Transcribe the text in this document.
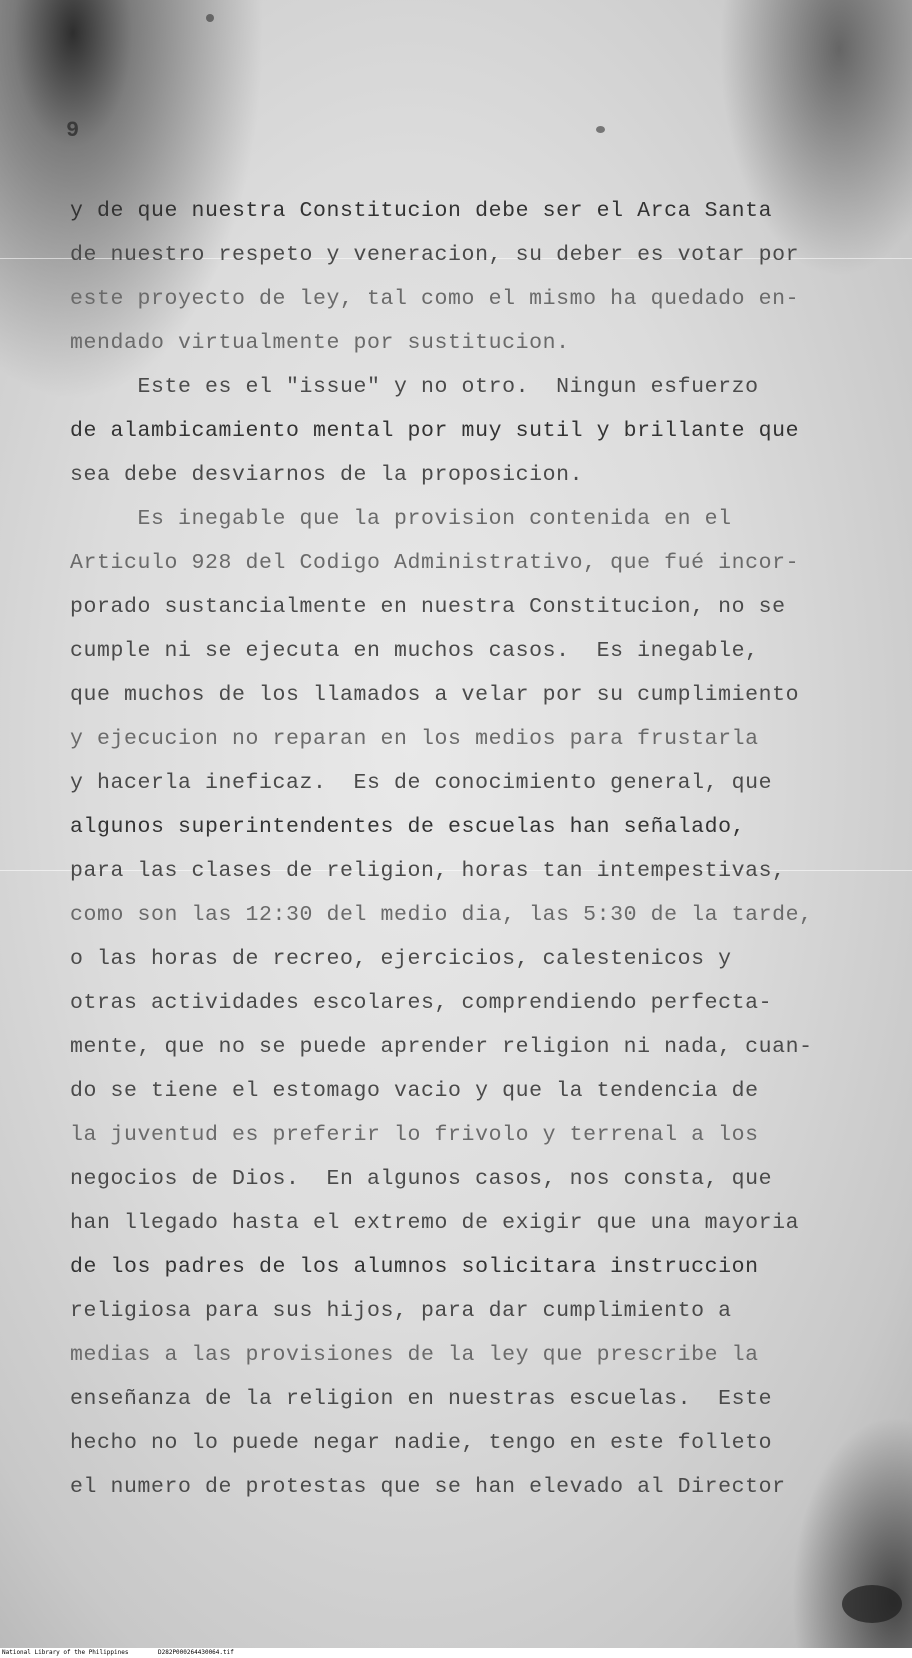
9
y de que nuestra Constitucion debe ser el Arca Santa
de nuestro respeto y veneracion, su deber es votar por
este proyecto de ley, tal como el mismo ha quedado en-
mendado virtualmente por sustitucion.
Este es el "issue" y no otro.  Ningun esfuerzo
de alambicamiento mental por muy sutil y brillante que
sea debe desviarnos de la proposicion.
Es inegable que la provision contenida en el
Articulo 928 del Codigo Administrativo, que fué incor-
porado sustancialmente en nuestra Constitucion, no se
cumple ni se ejecuta en muchos casos.  Es inegable,
que muchos de los llamados a velar por su cumplimiento
y ejecucion no reparan en los medios para frustarla
y hacerla ineficaz.  Es de conocimiento general, que
algunos superintendentes de escuelas han señalado,
para las clases de religion, horas tan intempestivas,
como son las 12:30 del medio dia, las 5:30 de la tarde,
o las horas de recreo, ejercicios, calestenicos y
otras actividades escolares, comprendiendo perfecta-
mente, que no se puede aprender religion ni nada, cuan-
do se tiene el estomago vacio y que la tendencia de
la juventud es preferir lo frivolo y terrenal a los
negocios de Dios.  En algunos casos, nos consta, que
han llegado hasta el extremo de exigir que una mayoria
de los padres de los alumnos solicitara instruccion
religiosa para sus hijos, para dar cumplimiento a
medias a las provisiones de la ley que prescribe la
enseñanza de la religion en nuestras escuelas.  Este
hecho no lo puede negar nadie, tengo en este folleto
el numero de protestas que se han elevado al Director
National Library of the Philippines	D282P000264430064.tif
